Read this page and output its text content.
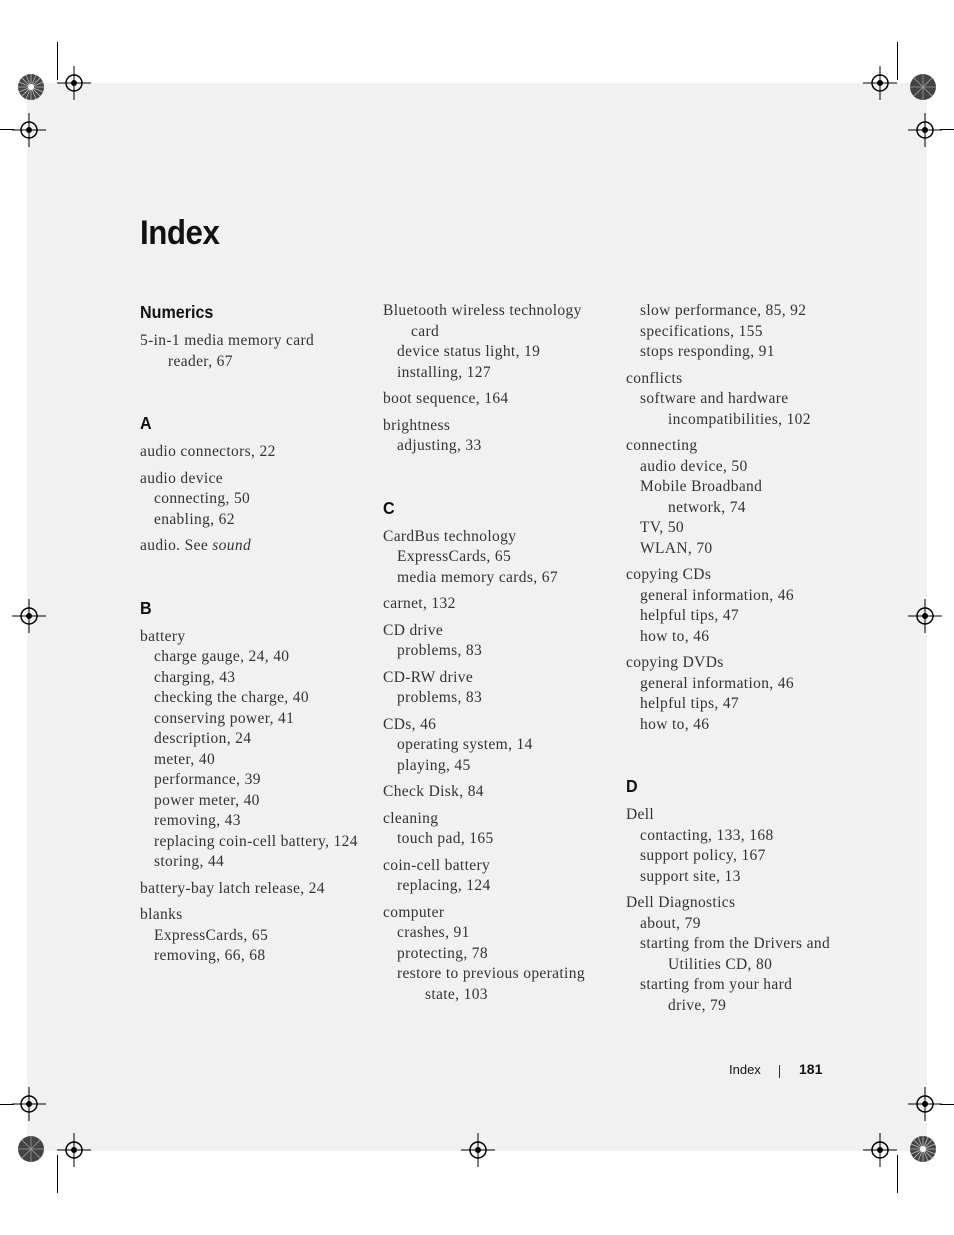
Index
Numerics
5-in-1 media memory card
reader, 67
A
audio connectors, 22
audio device
connecting, 50
enabling, 62
audio. See sound
B
battery
charge gauge, 24, 40
charging, 43
checking the charge, 40
conserving power, 41
description, 24
meter, 40
performance, 39
power meter, 40
removing, 43
replacing coin-cell battery, 124
storing, 44
battery-bay latch release, 24
blanks
ExpressCards, 65
removing, 66, 68
Bluetooth wireless technology
card
device status light, 19
installing, 127
boot sequence, 164
brightness
adjusting, 33
C
CardBus technology
ExpressCards, 65
media memory cards, 67
carnet, 132
CD drive
problems, 83
CD-RW drive
problems, 83
CDs, 46
operating system, 14
playing, 45
Check Disk, 84
cleaning
touch pad, 165
coin-cell battery
replacing, 124
computer
crashes, 91
protecting, 78
restore to previous operating
state, 103
slow performance, 85, 92
specifications, 155
stops responding, 91
conflicts
software and hardware
incompatibilities, 102
connecting
audio device, 50
Mobile Broadband
network, 74
TV, 50
WLAN, 70
copying CDs
general information, 46
helpful tips, 47
how to, 46
copying DVDs
general information, 46
helpful tips, 47
how to, 46
D
Dell
contacting, 133, 168
support policy, 167
support site, 13
Dell Diagnostics
about, 79
starting from the Drivers and
Utilities CD, 80
starting from your hard
drive, 79
Index	181
